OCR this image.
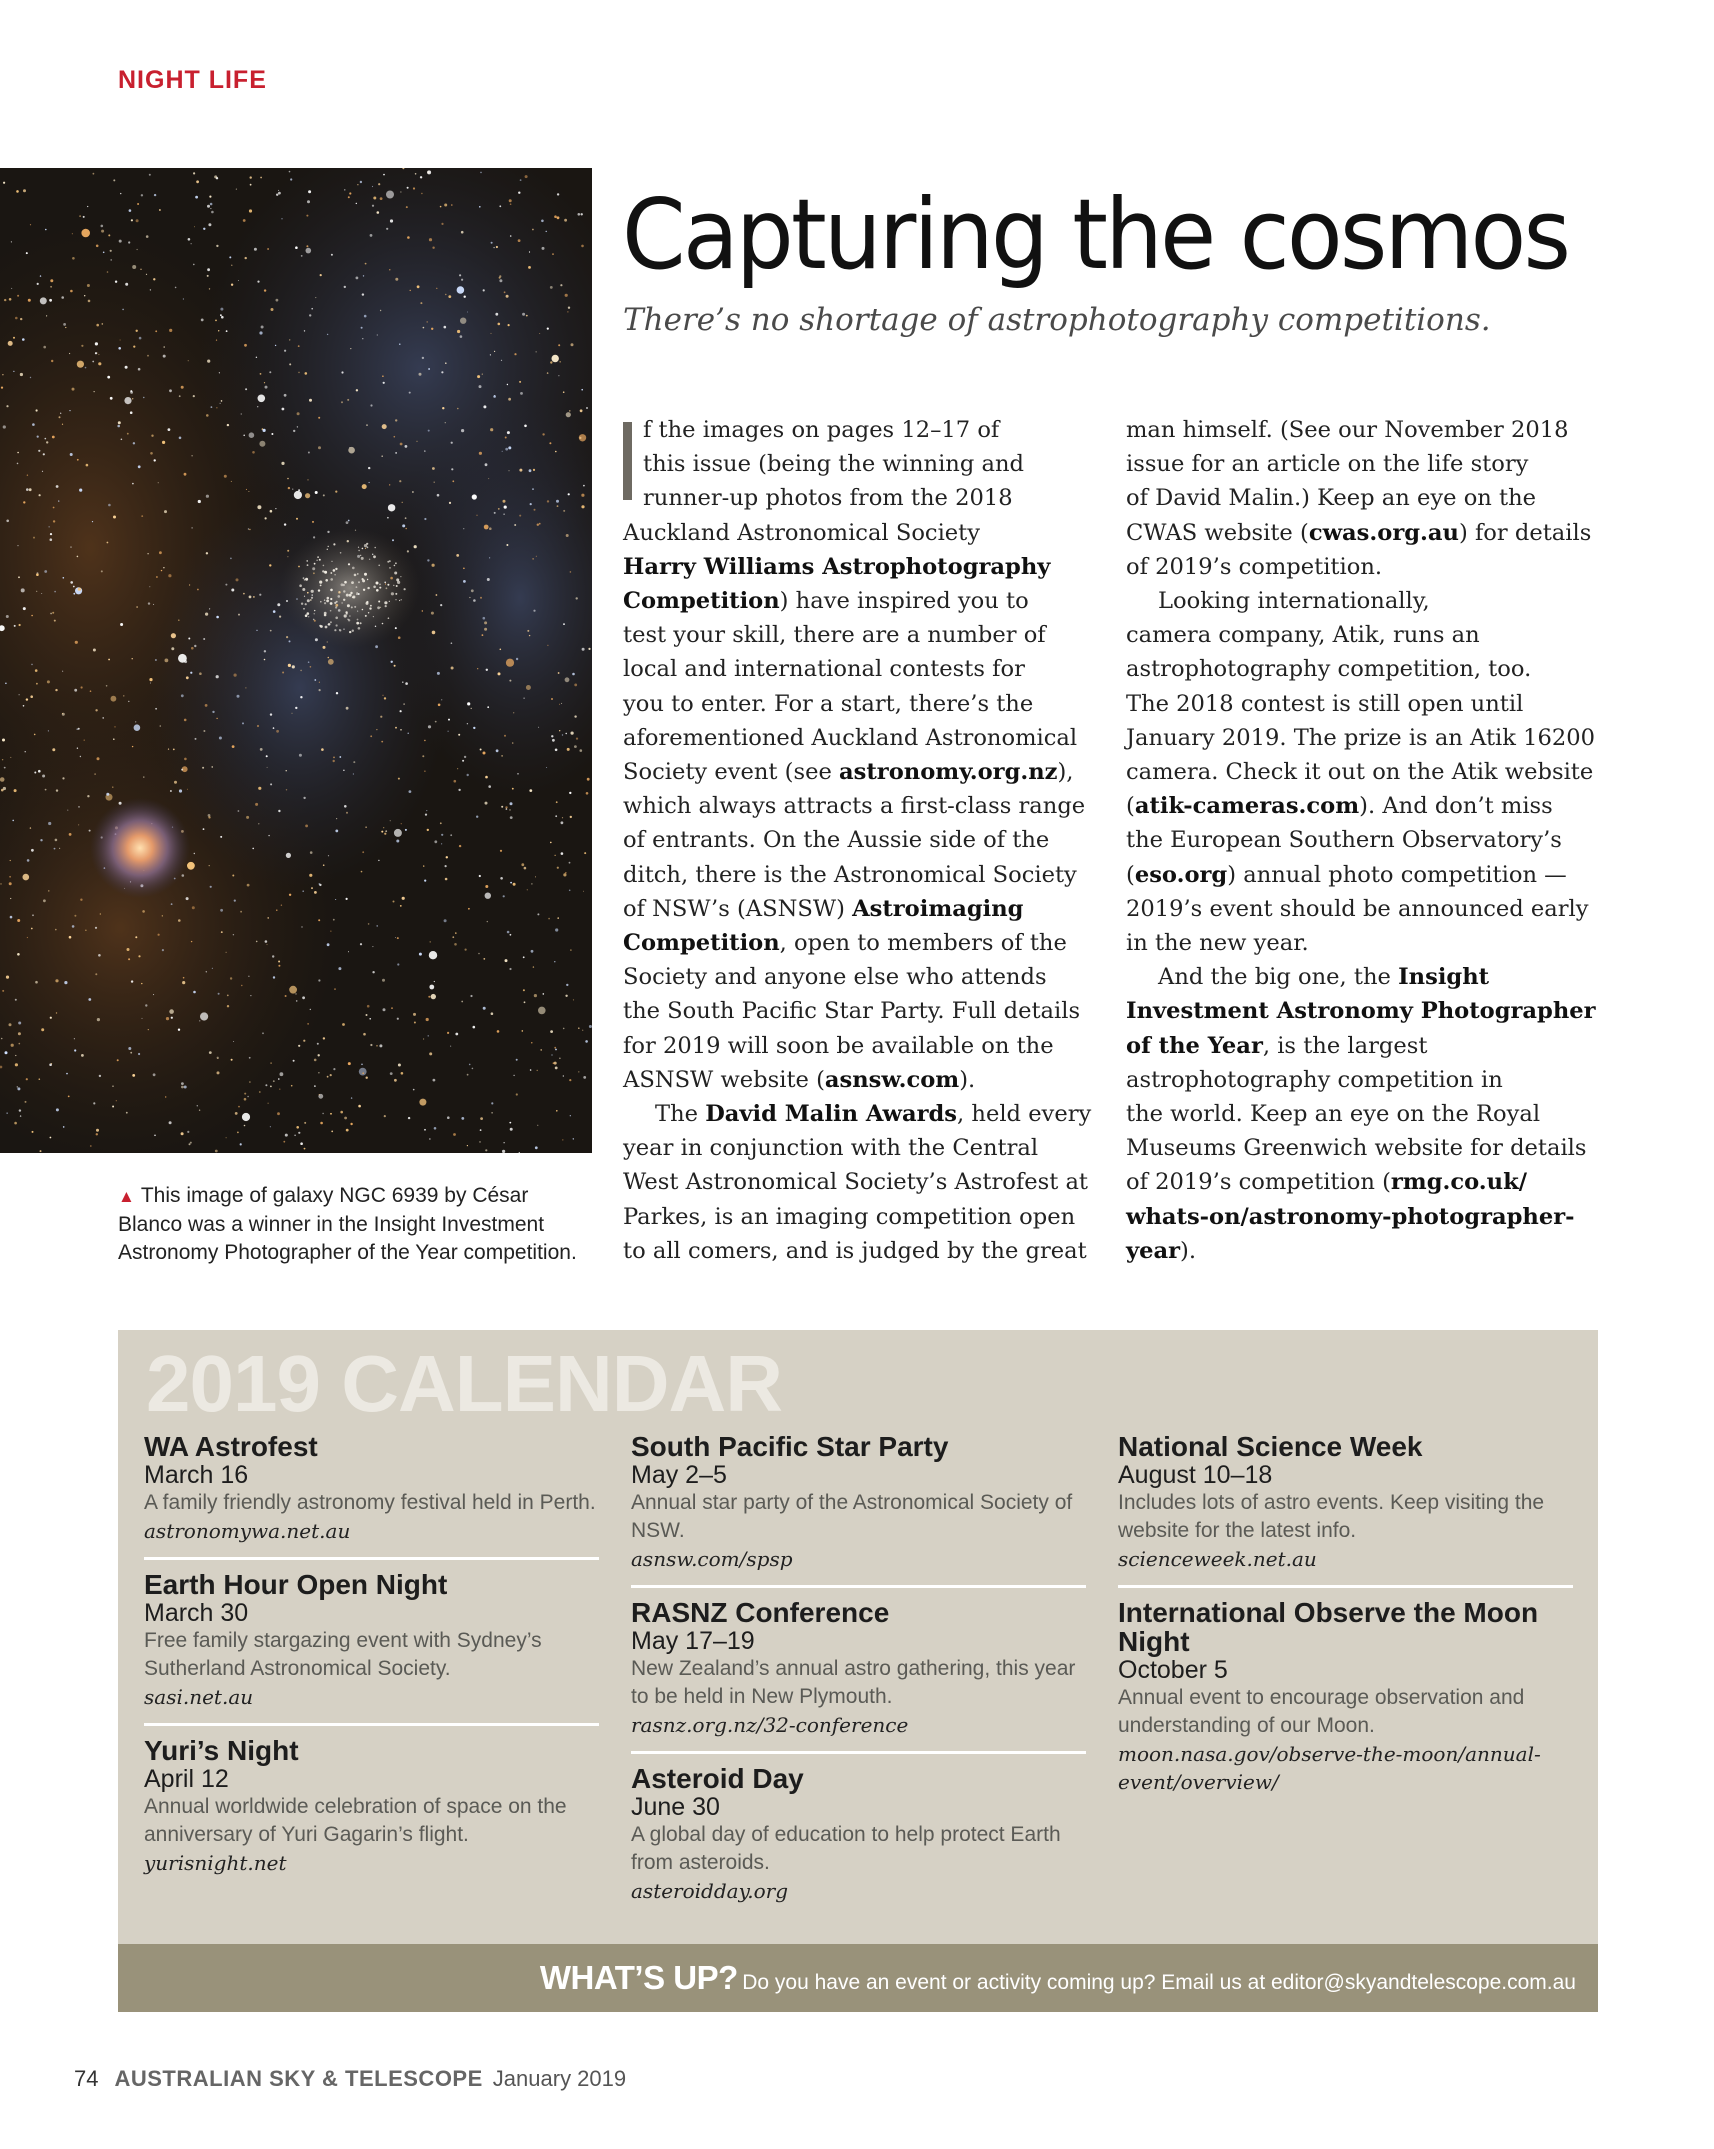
NIGHT LIFE
▲ This image of galaxy NGC 6939 by César Blanco was a winner in the Insight Investment Astronomy Photographer of the Year competition.
Capturing the cosmos

There’s no shortage of astrophotography competitions.

f the images on pages 12–17 of
this issue (being the winning and
runner-up photos from the 2018
Auckland Astronomical Society
Harry Williams Astrophotography
Competition) have inspired you to
test your skill, there are a number of
local and international contests for
you to enter. For a start, there’s the
aforementioned Auckland Astronomical
Society event (see astronomy.org.nz),
which always attracts a first-class range
of entrants. On the Aussie side of the
ditch, there is the Astronomical Society
of NSW’s (ASNSW) Astroimaging
Competition, open to members of the
Society and anyone else who attends
the South Pacific Star Party. Full details
for 2019 will soon be available on the
ASNSW website (asnsw.com).
The David Malin Awards, held every
year in conjunction with the Central
West Astronomical Society’s Astrofest at
Parkes, is an imaging competition open
to all comers, and is judged by the great
man himself. (See our November 2018
issue for an article on the life story
of David Malin.) Keep an eye on the
CWAS website (cwas.org.au) for details
of 2019’s competition.
Looking internationally,
camera company, Atik, runs an
astrophotography competition, too.
The 2018 contest is still open until
January 2019. The prize is an Atik 16200
camera. Check it out on the Atik website
(atik-cameras.com). And don’t miss
the European Southern Observatory’s
(eso.org) annual photo competition —
2019’s event should be announced early
in the new year.
And the big one, the Insight
Investment Astronomy Photographer
of the Year, is the largest
astrophotography competition in
the world. Keep an eye on the Royal
Museums Greenwich website for details
of 2019’s competition (rmg.co.uk/
whats-on/astronomy-photographer-
year).
2019 CALENDAR
WA Astrofest
March 16
A family friendly astronomy festival held in Perth.
astronomywa.net.au
Earth Hour Open Night
March 30
Free family stargazing event with Sydney’s Sutherland Astronomical Society.
sasi.net.au
Yuri’s Night
April 12
Annual worldwide celebration of space on the anniversary of Yuri Gagarin’s flight.
yurisnight.net
South Pacific Star Party
May 2–5
Annual star party of the Astronomical Society of NSW.
asnsw.com/spsp
RASNZ Conference
May 17–19
New Zealand’s annual astro gathering, this year to be held in New Plymouth.
rasnz.org.nz/32-conference
Asteroid Day
June 30
A global day of education to help protect Earth from asteroids.
asteroidday.org
National Science Week
August 10–18
Includes lots of astro events. Keep visiting the website for the latest info.
scienceweek.net.au
International Observe the Moon Night
October 5
Annual event to encourage observation and understanding of our Moon.
moon.nasa.gov/observe-the-moon/annual-event/overview/
WHAT’S UP? Do you have an event or activity coming up? Email us at editor@skyandtelescope.com.au
74 AUSTRALIAN SKY & TELESCOPE January 2019
